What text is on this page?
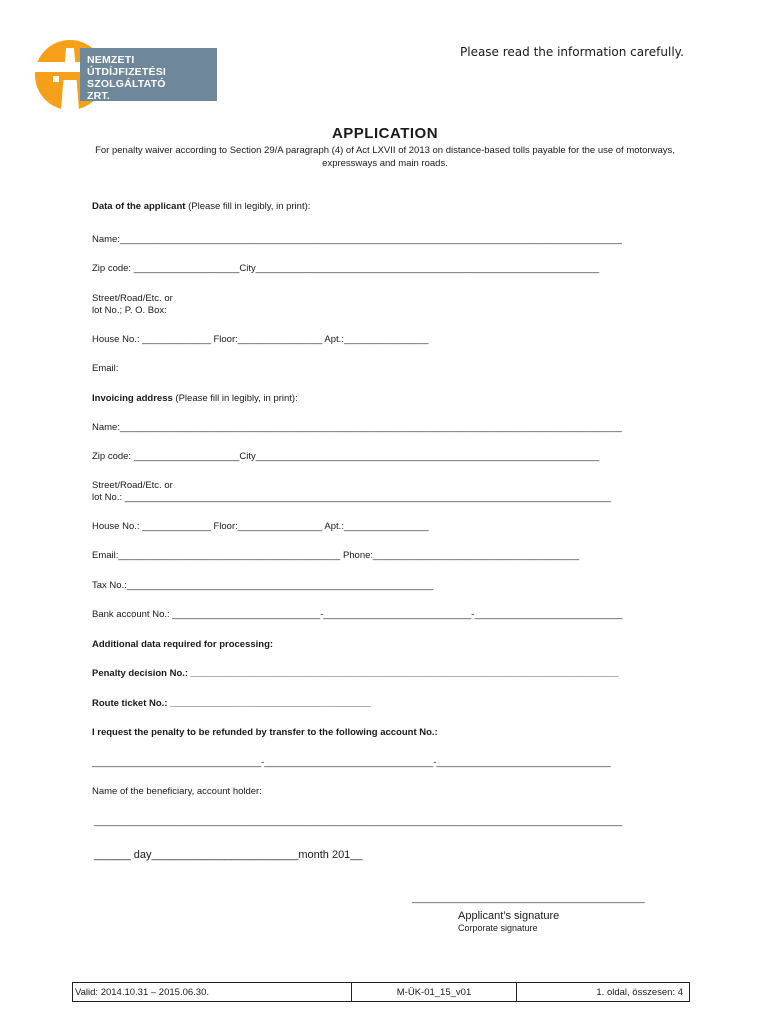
NEMZETI
ÚTDÍJFIZETÉSI
SZOLGÁLTATÓ ZRT.
Please read the information carefully.
APPLICATION
For penalty waiver according to Section 29/A paragraph (4) of Act LXVII of 2013 on distance-based tolls payable for the use of motorways, expressways and main roads.
Data of the applicant (Please fill in legibly, in print):
Name:_______________________________________________________________________________________________
Zip code: ____________________City_________________________________________________________________
Street/Road/Etc. or
lot No.; P. O. Box:
House No.: _____________ Floor:________________ Apt.:________________
Email:
Invoicing address (Please fill in legibly, in print):
Name:_______________________________________________________________________________________________
Zip code: ____________________City_________________________________________________________________
Street/Road/Etc. or
lot No.: ____________________________________________________________________________________________
House No.: _____________ Floor:________________ Apt.:________________
Email:__________________________________________ Phone:_______________________________________
Tax No.:__________________________________________________________
Bank account No.: ____________________________-____________________________-____________________________
Additional data required for processing:
Penalty decision No.: _________________________________________________________________________________
Route ticket No.: ______________________________________
I request the penalty to be refunded by transfer to the following account No.:
________________________________-________________________________-_________________________________
Name of the beneficiary, account holder:
____________________________________________________________________________________________________
______ day________________________month 201__
____________________________________________
Applicant’s signature
Corporate signature
Valid: 2014.10.31 – 2015.06.30.	M-ÜK-01_15_v01	1. oldal, összesen: 4
